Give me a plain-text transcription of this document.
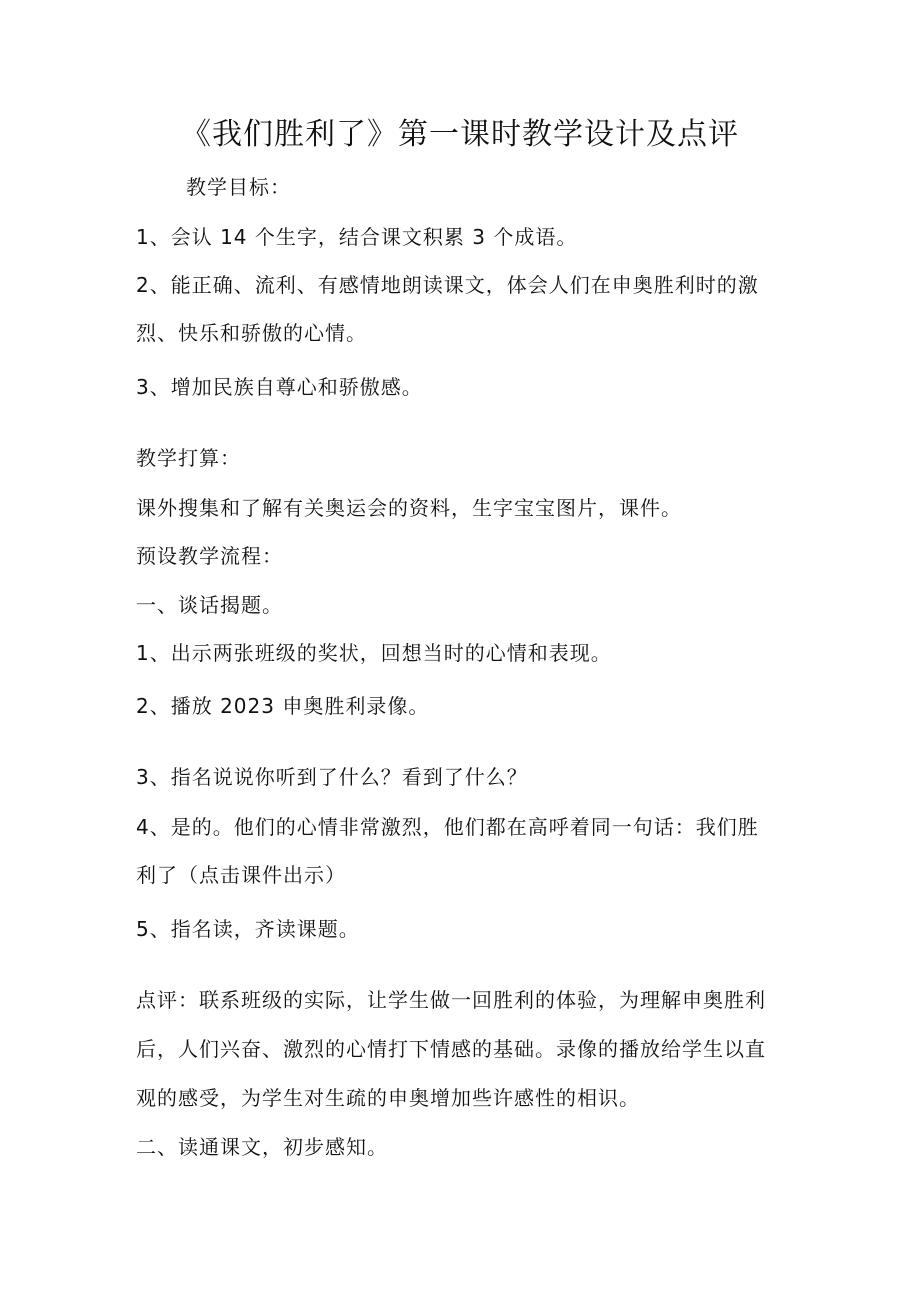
《我们胜利了》第一课时教学设计及点评
教学目标：
1、会认 14 个生字，结合课文积累 3 个成语。
2、能正确、流利、有感情地朗读课文，体会人们在申奥胜利时的激
烈、快乐和骄傲的心情。
3、增加民族自尊心和骄傲感。
教学打算：
课外搜集和了解有关奥运会的资料，生字宝宝图片，课件。
预设教学流程：
一、谈话揭题。
1、出示两张班级的奖状，回想当时的心情和表现。
2、播放 2023 申奥胜利录像。
3、指名说说你听到了什么？看到了什么？
4、是的。他们的心情非常激烈，他们都在高呼着同一句话：我们胜
利了（点击课件出示）
5、指名读，齐读课题。
点评：联系班级的实际，让学生做一回胜利的体验，为理解申奥胜利
后，人们兴奋、激烈的心情打下情感的基础。录像的播放给学生以直
观的感受，为学生对生疏的申奥增加些许感性的相识。
二、读通课文，初步感知。
